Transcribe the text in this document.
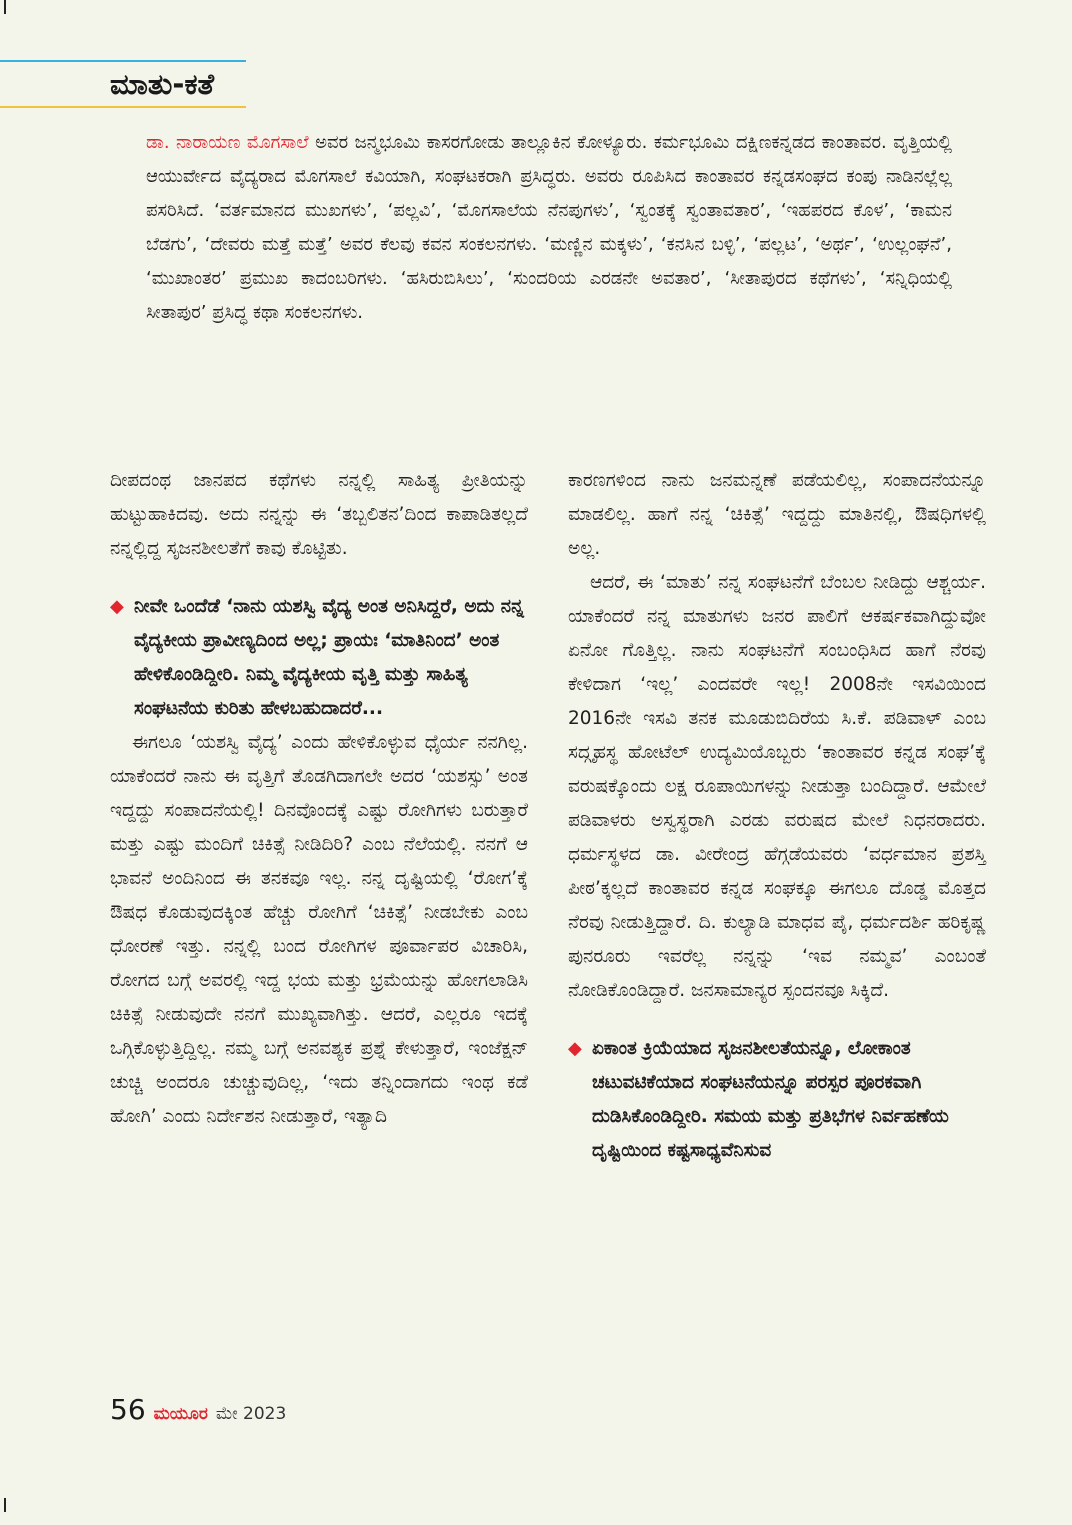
ಮಾತು-ಕತೆ
ಡಾ. ನಾರಾಯಣ ಮೊಗಸಾಲೆ ಅವರ ಜನ್ಮಭೂಮಿ ಕಾಸರಗೋಡು ತಾಲ್ಲೂಕಿನ ಕೋಳ್ಯೂರು. ಕರ್ಮಭೂಮಿ ದಕ್ಷಿಣಕನ್ನಡದ ಕಾಂತಾವರ. ವೃತ್ತಿಯಲ್ಲಿ ಆಯುರ್ವೇದ ವೈದ್ಯರಾದ ಮೊಗಸಾಲೆ ಕವಿಯಾಗಿ, ಸಂಘಟಕರಾಗಿ ಪ್ರಸಿದ್ಧರು. ಅವರು ರೂಪಿಸಿದ ಕಾಂತಾವರ ಕನ್ನಡಸಂಘದ ಕಂಪು ನಾಡಿನಲ್ಲೆಲ್ಲ ಪಸರಿಸಿದೆ. ‘ವರ್ತಮಾನದ ಮುಖಗಳು’, ‘ಪಲ್ಲವಿ’, ‘ಮೊಗಸಾಲೆಯ ನೆನಪುಗಳು’, ‘ಸ್ವಂತಕ್ಕೆ ಸ್ವಂತಾವತಾರ’, ‘ಇಹಪರದ ಕೊಳ’, ‘ಕಾಮನ ಬೆಡಗು’, ‘ದೇವರು ಮತ್ತೆ ಮತ್ತೆ’ ಅವರ ಕೆಲವು ಕವನ ಸಂಕಲನಗಳು. ‘ಮಣ್ಣಿನ ಮಕ್ಕಳು’, ‘ಕನಸಿನ ಬಳ್ಳಿ’, ‘ಪಲ್ಲಟ’, ‘ಅರ್ಥ’, ‘ಉಲ್ಲಂಘನೆ’, ‘ಮುಖಾಂತರ’ ಪ್ರಮುಖ ಕಾದಂಬರಿಗಳು. ‘ಹಸಿರುಬಿಸಿಲು’, ‘ಸುಂದರಿಯ ಎರಡನೇ ಅವತಾರ’, ‘ಸೀತಾಪುರದ ಕಥೆಗಳು’, ‘ಸನ್ನಿಧಿಯಲ್ಲಿ ಸೀತಾಪುರ’ ಪ್ರಸಿದ್ಧ ಕಥಾ ಸಂಕಲನಗಳು.

ದೀಪದಂಥ ಜಾನಪದ ಕಥೆಗಳು ನನ್ನಲ್ಲಿ ಸಾಹಿತ್ಯ ಪ್ರೀತಿಯನ್ನು ಹುಟ್ಟುಹಾಕಿದವು. ಅದು ನನ್ನನ್ನು ಈ ‘ತಬ್ಬಲಿತನ’ದಿಂದ ಕಾಪಾಡಿತಲ್ಲದೆ ನನ್ನಲ್ಲಿದ್ದ ಸೃಜನಶೀಲತೆಗೆ ಕಾವು ಕೊಟ್ಟಿತು.

◆ ನೀವೇ ಒಂದೆಡೆ ‘ನಾನು ಯಶಸ್ವಿ ವೈದ್ಯ ಅಂತ ಅನಿಸಿದ್ದರೆ, ಅದು ನನ್ನ ವೈದ್ಯಕೀಯ ಪ್ರಾವೀಣ್ಯದಿಂದ ಅಲ್ಲ; ಪ್ರಾಯಃ ‘ಮಾತಿನಿಂದ’ ಅಂತ ಹೇಳಿಕೊಂಡಿದ್ದೀರಿ. ನಿಮ್ಮ ವೈದ್ಯಕೀಯ ವೃತ್ತಿ ಮತ್ತು ಸಾಹಿತ್ಯ ಸಂಘಟನೆಯ ಕುರಿತು ಹೇಳಬಹುದಾದರೆ...

ಈಗಲೂ ‘ಯಶಸ್ವಿ ವೈದ್ಯ’ ಎಂದು ಹೇಳಿಕೊಳ್ಳುವ ಧೈರ್ಯ ನನಗಿಲ್ಲ. ಯಾಕೆಂದರೆ ನಾನು ಈ ವೃತ್ತಿಗೆ ತೊಡಗಿದಾಗಲೇ ಅದರ ‘ಯಶಸ್ಸು’ ಅಂತ ಇದ್ದದ್ದು ಸಂಪಾದನೆಯಲ್ಲಿ! ದಿನವೊಂದಕ್ಕೆ ಎಷ್ಟು ರೋಗಿಗಳು ಬರುತ್ತಾರೆ ಮತ್ತು ಎಷ್ಟು ಮಂದಿಗೆ ಚಿಕಿತ್ಸೆ ನೀಡಿದಿರಿ? ಎಂಬ ನೆಲೆಯಲ್ಲಿ. ನನಗೆ ಆ ಭಾವನೆ ಅಂದಿನಿಂದ ಈ ತನಕವೂ ಇಲ್ಲ. ನನ್ನ ದೃಷ್ಟಿಯಲ್ಲಿ ‘ರೋಗ’ಕ್ಕೆ ಔಷಧ ಕೊಡುವುದಕ್ಕಿಂತ ಹೆಚ್ಚು ರೋಗಿಗೆ ‘ಚಿಕಿತ್ಸೆ’ ನೀಡಬೇಕು ಎಂಬ ಧೋರಣೆ ಇತ್ತು. ನನ್ನಲ್ಲಿ ಬಂದ ರೋಗಿಗಳ ಪೂರ್ವಾಪರ ವಿಚಾರಿಸಿ, ರೋಗದ ಬಗ್ಗೆ ಅವರಲ್ಲಿ ಇದ್ದ ಭಯ ಮತ್ತು ಭ್ರಮೆಯನ್ನು ಹೋಗಲಾಡಿಸಿ ಚಿಕಿತ್ಸೆ ನೀಡುವುದೇ ನನಗೆ ಮುಖ್ಯವಾಗಿತ್ತು. ಆದರೆ, ಎಲ್ಲರೂ ಇದಕ್ಕೆ ಒಗ್ಗಿಕೊಳ್ಳುತ್ತಿದ್ದಿಲ್ಲ. ನಮ್ಮ ಬಗ್ಗೆ ಅನವಶ್ಯಕ ಪ್ರಶ್ನೆ ಕೇಳುತ್ತಾರೆ, ಇಂಜೆಕ್ಷನ್ ಚುಚ್ಚಿ ಅಂದರೂ ಚುಚ್ಚುವುದಿಲ್ಲ, ‘ಇದು ತನ್ನಿಂದಾಗದು ಇಂಥ ಕಡೆ ಹೋಗಿ’ ಎಂದು ನಿರ್ದೇಶನ ನೀಡುತ್ತಾರೆ, ಇತ್ಯಾದಿ

ಕಾರಣಗಳಿಂದ ನಾನು ಜನಮನ್ನಣೆ ಪಡೆಯಲಿಲ್ಲ, ಸಂಪಾದನೆಯನ್ನೂ ಮಾಡಲಿಲ್ಲ. ಹಾಗೆ ನನ್ನ ‘ಚಿಕಿತ್ಸೆ’ ಇದ್ದದ್ದು ಮಾತಿನಲ್ಲಿ, ಔಷಧಿಗಳಲ್ಲಿ ಅಲ್ಲ.

ಆದರೆ, ಈ ‘ಮಾತು’ ನನ್ನ ಸಂಘಟನೆಗೆ ಬೆಂಬಲ ನೀಡಿದ್ದು ಆಶ್ಚರ್ಯ. ಯಾಕೆಂದರೆ ನನ್ನ ಮಾತುಗಳು ಜನರ ಪಾಲಿಗೆ ಆಕರ್ಷಕವಾಗಿದ್ದುವೋ ಏನೋ ಗೊತ್ತಿಲ್ಲ. ನಾನು ಸಂಘಟನೆಗೆ ಸಂಬಂಧಿಸಿದ ಹಾಗೆ ನೆರವು ಕೇಳಿದಾಗ ‘ಇಲ್ಲ’ ಎಂದವರೇ ಇಲ್ಲ! 2008ನೇ ಇಸವಿಯಿಂದ 2016ನೇ ಇಸವಿ ತನಕ ಮೂಡುಬಿದಿರೆಯ ಸಿ.ಕೆ. ಪಡಿವಾಳ್ ಎಂಬ ಸದ್ಗೃಹಸ್ಥ ಹೋಟೆಲ್ ಉದ್ಯಮಿಯೊಬ್ಬರು ‘ಕಾಂತಾವರ ಕನ್ನಡ ಸಂಘ’ಕ್ಕೆ ವರುಷಕ್ಕೊಂದು ಲಕ್ಷ ರೂಪಾಯಿಗಳನ್ನು ನೀಡುತ್ತಾ ಬಂದಿದ್ದಾರೆ. ಆಮೇಲೆ ಪಡಿವಾಳರು ಅಸ್ವಸ್ಥರಾಗಿ ಎರಡು ವರುಷದ ಮೇಲೆ ನಿಧನರಾದರು. ಧರ್ಮಸ್ಥಳದ ಡಾ. ವೀರೇಂದ್ರ ಹೆಗ್ಗಡೆಯವರು ‘ವರ್ಧಮಾನ ಪ್ರಶಸ್ತಿ ಪೀಠ’ಕ್ಕಲ್ಲದೆ ಕಾಂತಾವರ ಕನ್ನಡ ಸಂಘಕ್ಕೂ ಈಗಲೂ ದೊಡ್ಡ ಮೊತ್ತದ ನೆರವು ನೀಡುತ್ತಿದ್ದಾರೆ. ದಿ. ಕುಲ್ಯಾಡಿ ಮಾಧವ ಪೈ, ಧರ್ಮದರ್ಶಿ ಹರಿಕೃಷ್ಣ ಪುನರೂರು ಇವರೆಲ್ಲ ನನ್ನನ್ನು ‘ಇವ ನಮ್ಮವ’ ಎಂಬಂತೆ ನೋಡಿಕೊಂಡಿದ್ದಾರೆ. ಜನಸಾಮಾನ್ಯರ ಸ್ಪಂದನವೂ ಸಿಕ್ಕಿದೆ.

◆ ಏಕಾಂತ ಕ್ರಿಯೆಯಾದ ಸೃಜನಶೀಲತೆಯನ್ನೂ, ಲೋಕಾಂತ ಚಟುವಟಿಕೆಯಾದ ಸಂಘಟನೆಯನ್ನೂ ಪರಸ್ಪರ ಪೂರಕವಾಗಿ ದುಡಿಸಿಕೊಂಡಿದ್ದೀರಿ. ಸಮಯ ಮತ್ತು ಪ್ರತಿಭೆಗಳ ನಿರ್ವಹಣೆಯ ದೃಷ್ಟಿಯಿಂದ ಕಷ್ಟಸಾಧ್ಯವೆನಿಸುವ
56 ಮಯೂರ ಮೇ 2023
